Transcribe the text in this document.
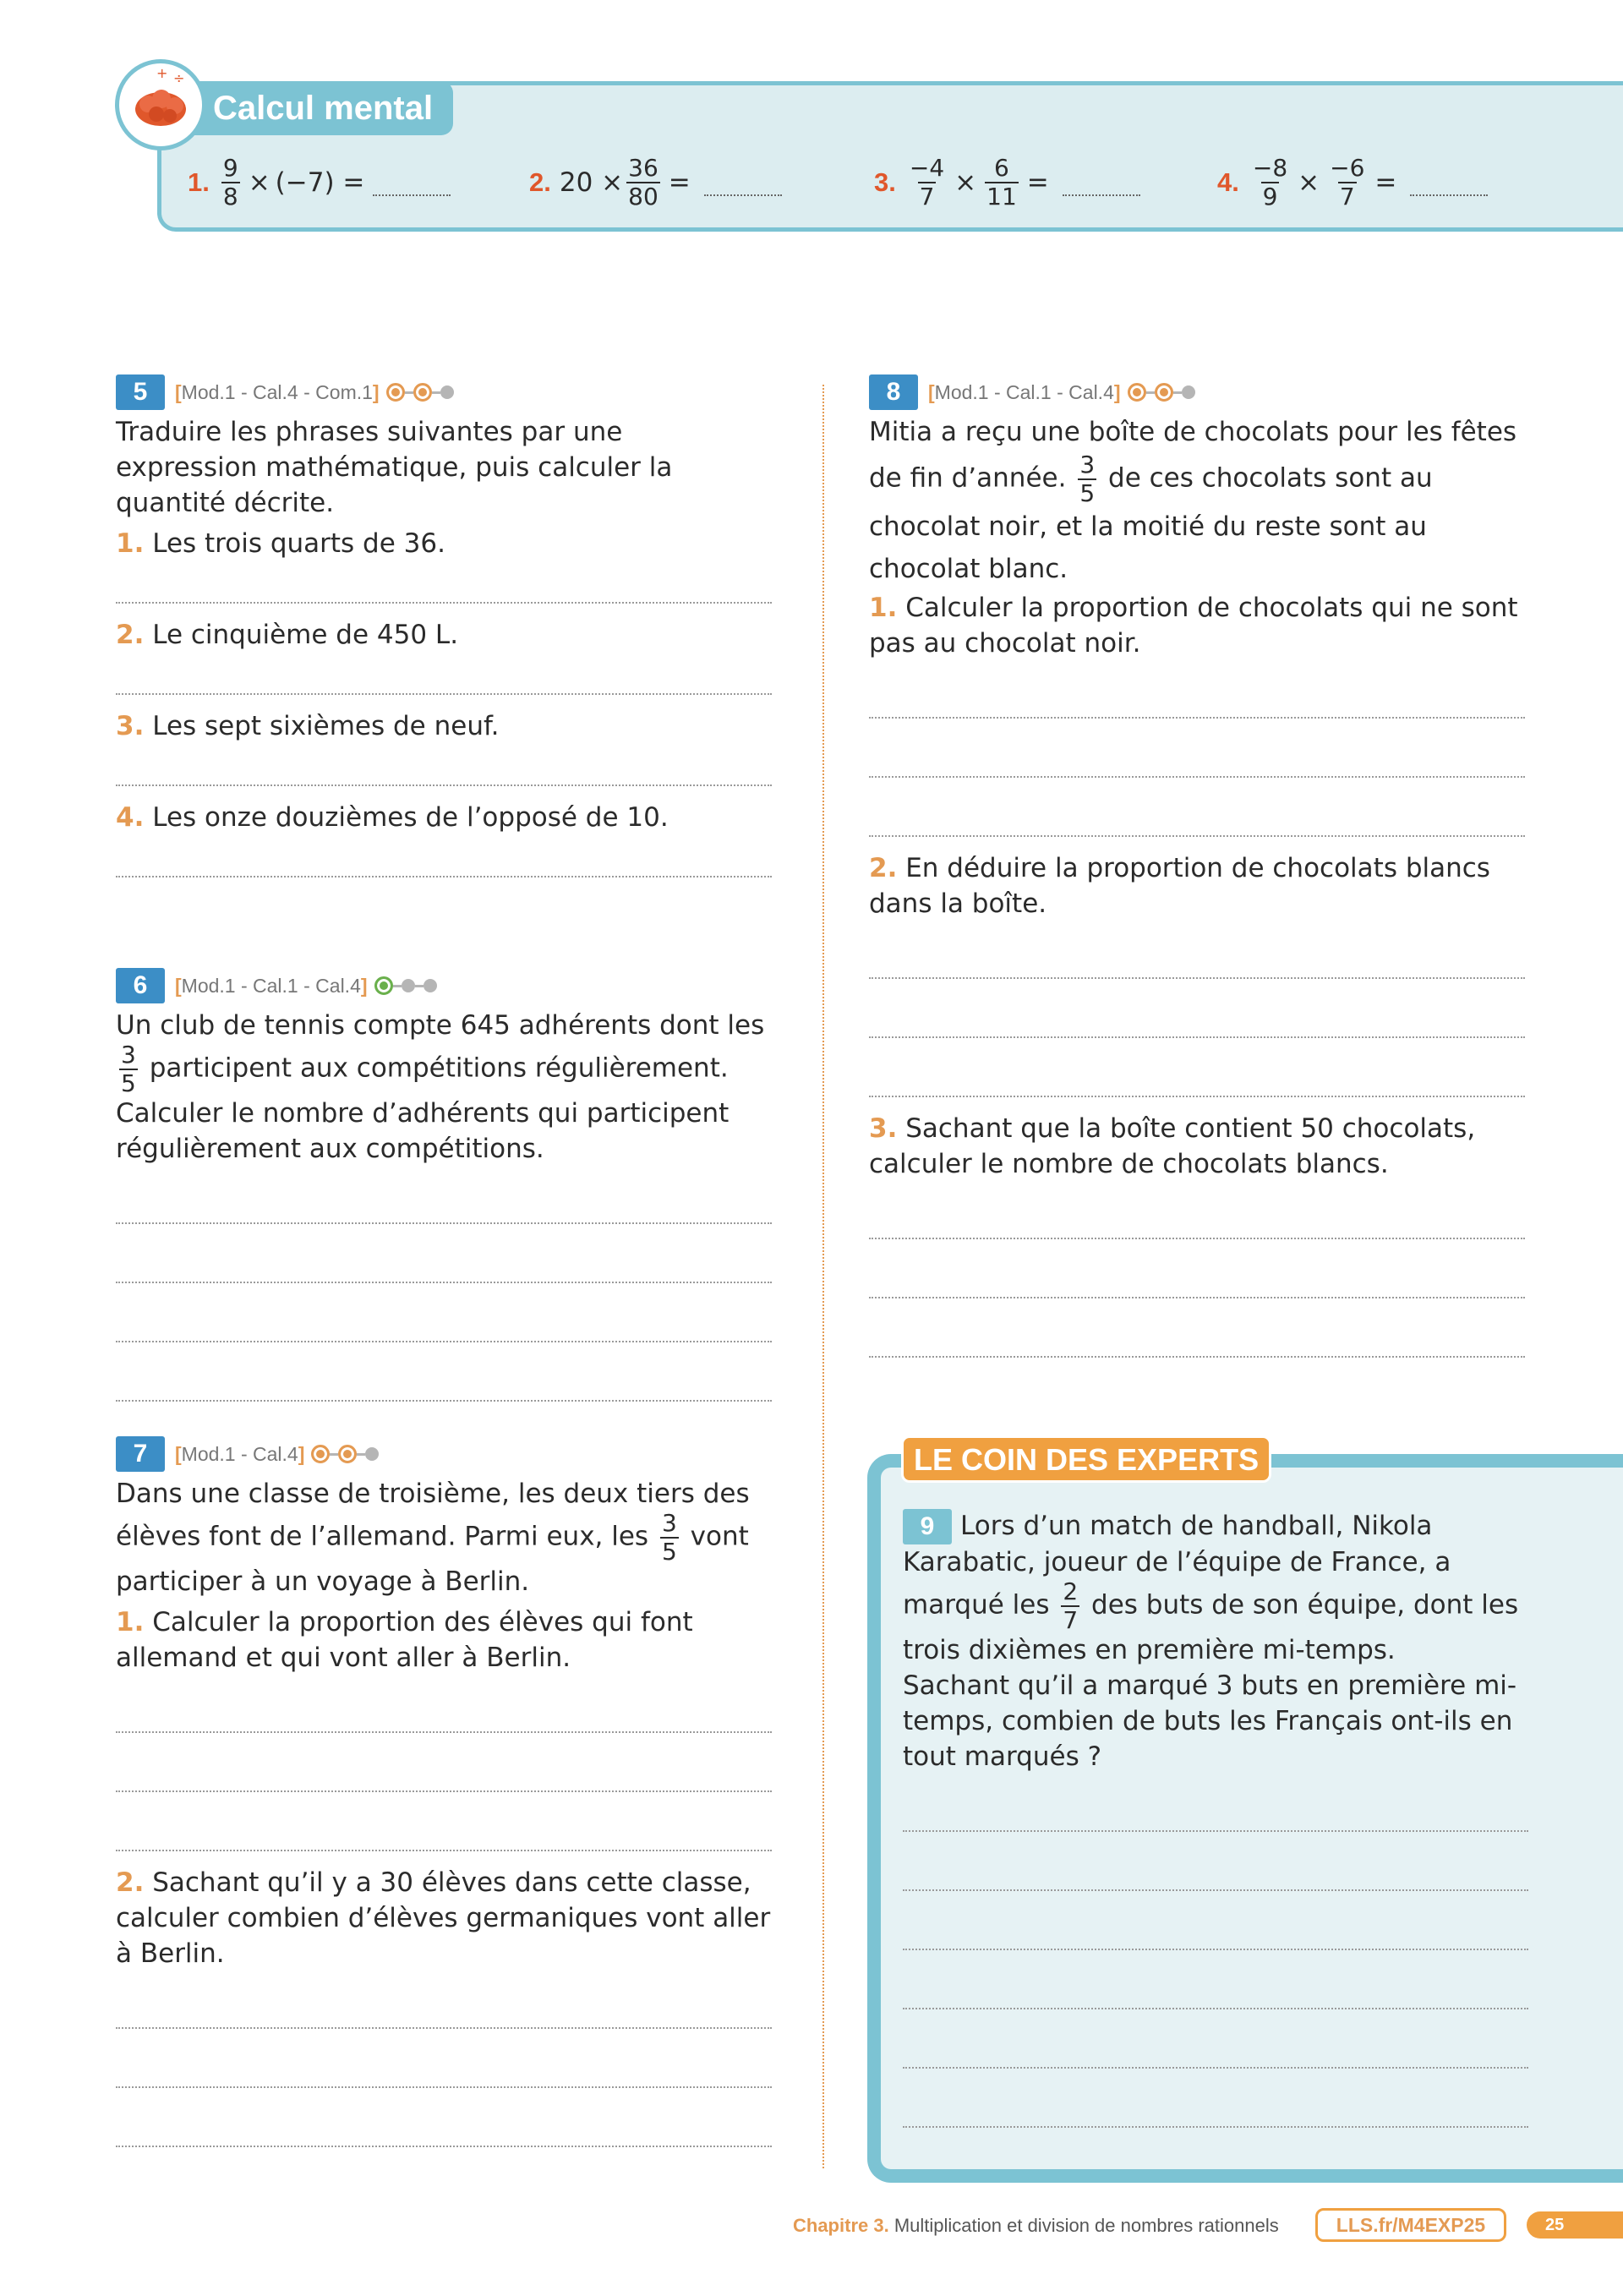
Calcul mental
+ ÷
1. $\frac{9}{8} \times (-7)$ =	2. $20 \times \frac{36}{80}$ =	3. $\frac{-4}{7} \times \frac{6}{11}$ =	4. $\frac{-8}{9} \times \frac{-6}{7}$ =
5	[Mod.1 - Cal.4 - Com.1]

Traduire les phrases suivantes par une expression mathématique, puis calculer la quantité décrite.

1. Les trois quarts de 36.

2. Le cinquième de 450 L.

3. Les sept sixièmes de neuf.

4. Les onze douzièmes de l’opposé de 10.

6	[Mod.1 - Cal.1 - Cal.4]

Un club de tennis compte 645 adhérents dont les
$\frac{3}{5}$ participent aux compétitions régulièrement.

Calculer le nombre d’adhérents qui participent régulièrement aux compétitions.

7	[Mod.1 - Cal.4]

Dans une classe de troisième, les deux tiers des élèves font de l’allemand. Parmi eux, les $\frac{3}{5}$ vont participer à un voyage à Berlin.

1. Calculer la proportion des élèves qui font allemand et qui vont aller à Berlin.

2. Sachant qu’il y a 30 élèves dans cette classe, calculer combien d’élèves germaniques vont aller à Berlin.

8	[Mod.1 - Cal.1 - Cal.4]

Mitia a reçu une boîte de chocolats pour les fêtes de fin d’année. $\frac{3}{5}$ de ces chocolats sont au chocolat noir, et la moitié du reste sont au chocolat blanc.

1. Calculer la proportion de chocolats qui ne sont pas au chocolat noir.

2. En déduire la proportion de chocolats blancs dans la boîte.

3. Sachant que la boîte contient 50 chocolats, calculer le nombre de chocolats blancs.

LE COIN DES EXPERTS

9 Lors d’un match de handball, Nikola Karabatic, joueur de l’équipe de France, a marqué les $\frac{2}{7}$ des buts de son équipe, dont les trois dixièmes en première mi-temps.

Sachant qu’il a marqué 3 buts en première mi-temps, combien de buts les Français ont-ils en tout marqués ?

Chapitre 3. Multiplication et division de nombres rationnels	LLS.fr/M4EXP25	25
